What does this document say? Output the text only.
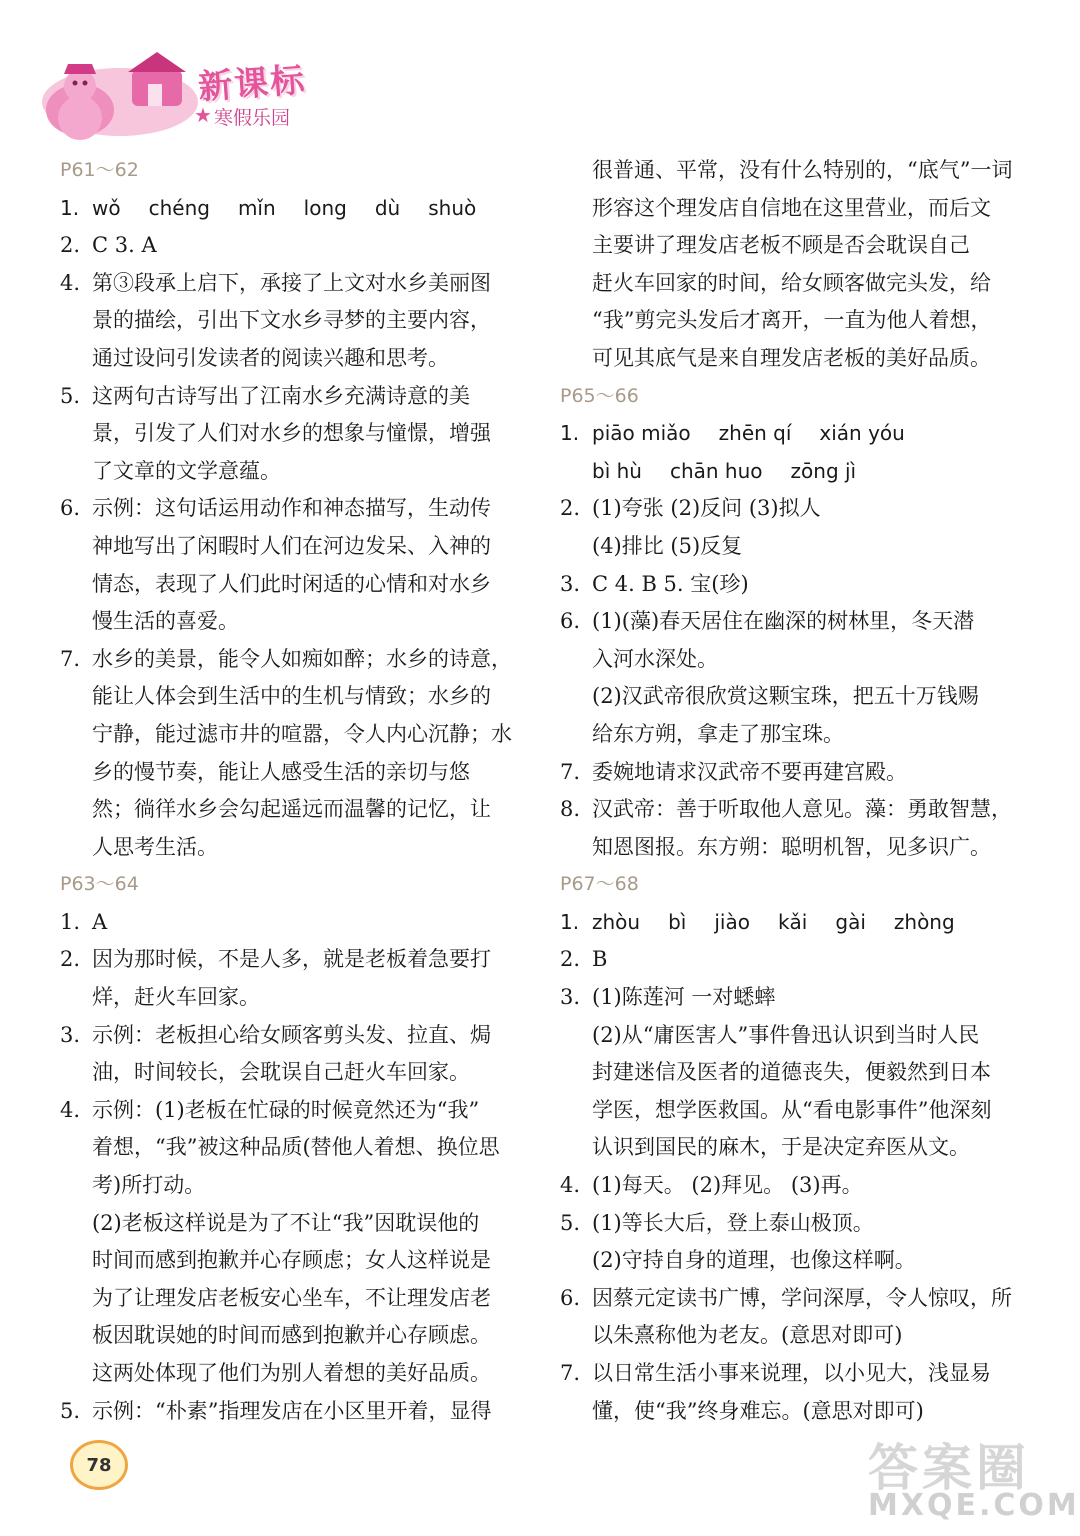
新课标
★ 寒假乐园
P61～62
1. wǒ chéng mǐn long dù shuò
2. C 3. A
4. 第③段承上启下，承接了上文对水乡美丽图
景的描绘，引出下文水乡寻梦的主要内容，
通过设问引发读者的阅读兴趣和思考。
5. 这两句古诗写出了江南水乡充满诗意的美
景，引发了人们对水乡的想象与憧憬，增强
了文章的文学意蕴。
6. 示例：这句话运用动作和神态描写，生动传
神地写出了闲暇时人们在河边发呆、入神的
情态，表现了人们此时闲适的心情和对水乡
慢生活的喜爱。
7. 水乡的美景，能令人如痴如醉；水乡的诗意，
能让人体会到生活中的生机与情致；水乡的
宁静，能过滤市井的喧嚣，令人内心沉静；水
乡的慢节奏，能让人感受生活的亲切与悠
然；徜徉水乡会勾起遥远而温馨的记忆，让
人思考生活。
P63～64
1. A
2. 因为那时候，不是人多，就是老板着急要打
烊，赶火车回家。
3. 示例：老板担心给女顾客剪头发、拉直、焗
油，时间较长，会耽误自己赶火车回家。
4. 示例：(1)老板在忙碌的时候竟然还为“我”
着想，“我”被这种品质(替他人着想、换位思
考)所打动。
(2)老板这样说是为了不让“我”因耽误他的
时间而感到抱歉并心存顾虑；女人这样说是
为了让理发店老板安心坐车，不让理发店老
板因耽误她的时间而感到抱歉并心存顾虑。
这两处体现了他们为别人着想的美好品质。
5. 示例：“朴素”指理发店在小区里开着，显得
很普通、平常，没有什么特别的，“底气”一词
形容这个理发店自信地在这里营业，而后文
主要讲了理发店老板不顾是否会耽误自己
赶火车回家的时间，给女顾客做完头发，给
“我”剪完头发后才离开，一直为他人着想，
可见其底气是来自理发店老板的美好品质。
P65～66
1. piāo miǎo zhēn qí xián yóu
bì hù chān huo zōng jì
2. (1)夸张 (2)反问 (3)拟人
(4)排比 (5)反复
3. C 4. B 5. 宝(珍)
6. (1)(藻)春天居住在幽深的树林里，冬天潜
入河水深处。
(2)汉武帝很欣赏这颗宝珠，把五十万钱赐
给东方朔，拿走了那宝珠。
7. 委婉地请求汉武帝不要再建宫殿。
8. 汉武帝：善于听取他人意见。藻：勇敢智慧，
知恩图报。东方朔：聪明机智，见多识广。
P67～68
1. zhòu bì jiào kǎi gài zhòng
2. B
3. (1)陈莲河 一对蟋蟀
(2)从“庸医害人”事件鲁迅认识到当时人民
封建迷信及医者的道德丧失，便毅然到日本
学医，想学医救国。从“看电影事件”他深刻
认识到国民的麻木，于是决定弃医从文。
4. (1)每天。 (2)拜见。 (3)再。
5. (1)等长大后，登上泰山极顶。
(2)守持自身的道理，也像这样啊。
6. 因蔡元定读书广博，学问深厚，令人惊叹，所
以朱熹称他为老友。(意思对即可)
7. 以日常生活小事来说理，以小见大，浅显易
懂，使“我”终身难忘。(意思对即可)
78	答案圈
MXQE.COM
